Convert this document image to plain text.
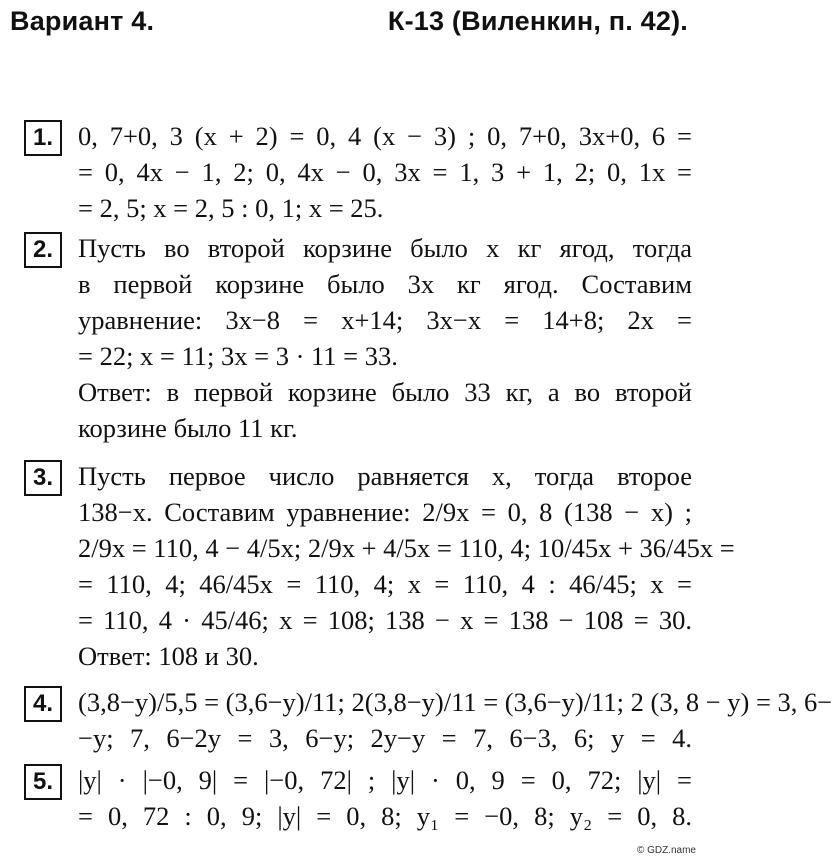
Вариант 4.	К-13 (Виленкин, п. 42).
1. 0, 7+0, 3 (x + 2) = 0, 4 (x − 3) ; 0, 7+0, 3x+0, 6 =
= 0, 4x − 1, 2; 0, 4x − 0, 3x = 1, 3 + 1, 2; 0, 1x =
= 2, 5; x = 2, 5 : 0, 1; x = 25.
2. Пусть во второй корзине было x кг ягод, тогда
в первой корзине было 3x кг ягод. Составим
уравнение: 3x−8 = x+14; 3x−x = 14+8; 2x =
= 22; x = 11; 3x = 3 · 11 = 33.
Ответ: в первой корзине было 33 кг, а во второй
корзине было 11 кг.
3. Пусть первое число равняется x, тогда второе
138−x. Составим уравнение: 2/9x = 0, 8 (138 − x) ;
2/9x = 110, 4 − 4/5x; 2/9x + 4/5x = 110, 4; 10/45x + 36/45x =
= 110, 4; 46/45x = 110, 4; x = 110, 4 : 46/45; x =
= 110, 4 · 45/46; x = 108; 138 − x = 138 − 108 = 30.
Ответ: 108 и 30.
4. (3,8−y)/5,5 = (3,6−y)/11; 2(3,8−y)/11 = (3,6−y)/11; 2 (3, 8 − y) = 3, 6−
−y; 7, 6−2y = 3, 6−y; 2y−y = 7, 6−3, 6; y = 4.
5. |y| · |−0, 9| = |−0, 72| ; |y| · 0, 9 = 0, 72; |y| =
= 0, 72 : 0, 9; |y| = 0, 8; y₁ = −0, 8; y₂ = 0, 8.
© GDZ.name
